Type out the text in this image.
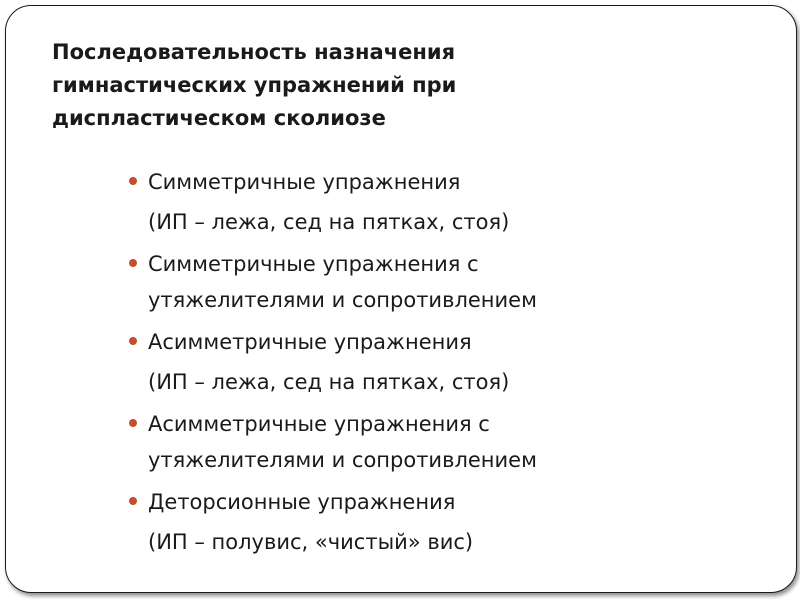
Последовательность назначения
гимнастических упражнений при
диспластическом сколиозе
Симметричные упражнения
(ИП – лежа, сед на пятках, стоя)
Симметричные упражнения с
утяжелителями и сопротивлением
Асимметричные упражнения
(ИП – лежа, сед на пятках, стоя)
Асимметричные упражнения с
утяжелителями и сопротивлением
Деторсионные упражнения
(ИП – полувис, «чистый» вис)
